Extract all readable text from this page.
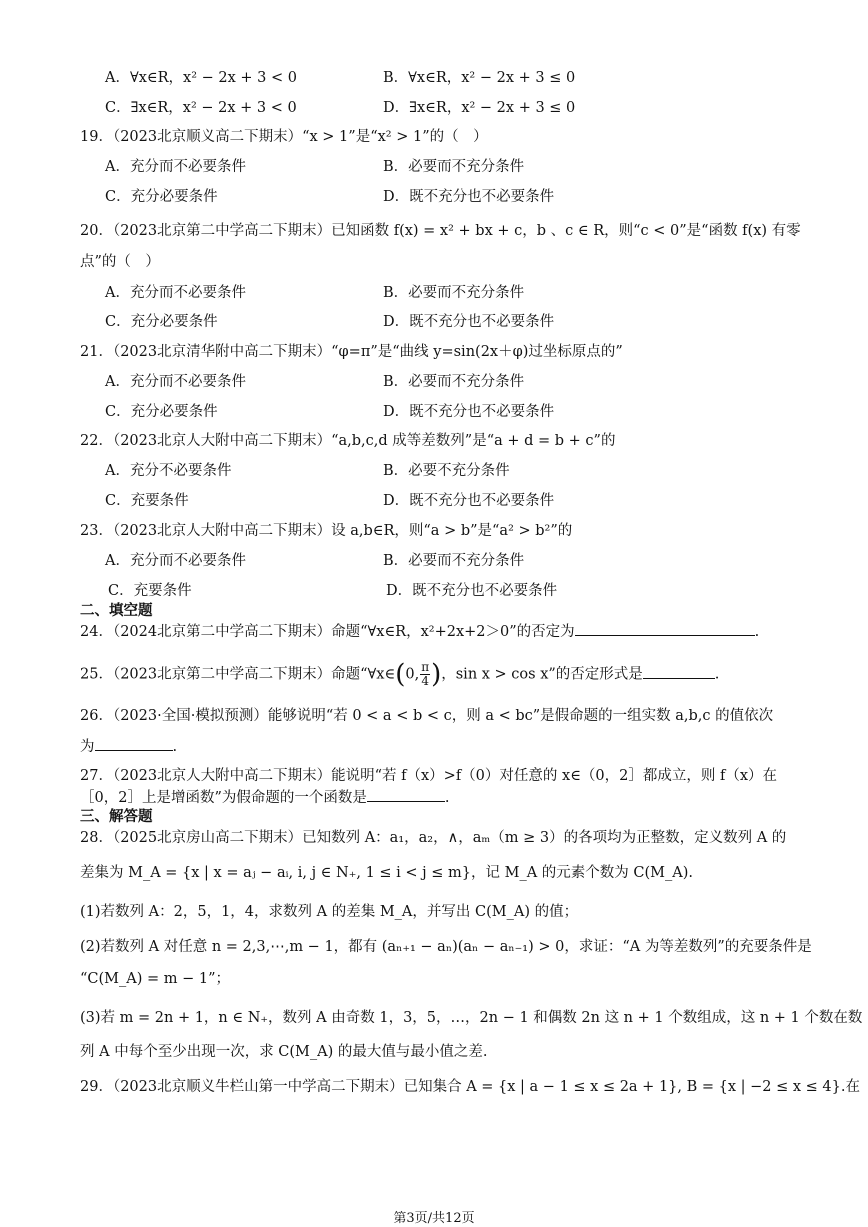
A．∀x∈R，x² − 2x + 3 < 0	B．∀x∈R，x² − 2x + 3 ≤ 0
C．∃x∈R，x² − 2x + 3 < 0	D．∃x∈R，x² − 2x + 3 ≤ 0
19．（2023北京顺义高二下期末）“x > 1”是“x² > 1”的（　）
A．充分而不必要条件	B．必要而不充分条件
C．充分必要条件	D．既不充分也不必要条件
20．（2023北京第二中学高二下期末）已知函数 f(x) = x² + bx + c，b 、c ∈ R，则“c < 0”是“函数 f(x) 有零
点”的（　）
A．充分而不必要条件	B．必要而不充分条件
C．充分必要条件	D．既不充分也不必要条件
21．（2023北京清华附中高二下期末）“φ=π”是“曲线 y=sin(2x＋φ)过坐标原点的”
A．充分而不必要条件	B．必要而不充分条件
C．充分必要条件	D．既不充分也不必要条件
22．（2023北京人大附中高二下期末）“a,b,c,d 成等差数列”是“a + d = b + c”的
A．充分不必要条件	B．必要不充分条件
C．充要条件	D．既不充分也不必要条件
23．（2023北京人大附中高二下期末）设 a,b∈R，则“a > b”是“a² > b²”的
A．充分而不必要条件	B．必要而不充分条件
C．充要条件	D．既不充分也不必要条件
二、填空题
24．（2024北京第二中学高二下期末）命题“∀x∈R，x²+2x+2＞0”的否定为	.
25．（2023北京第二中学高二下期末）命题“∀x∈(0, $\frac{\pi}{4}$ )，sin x > cos x”的否定形式是	.
26．（2023·全国·模拟预测）能够说明“若 0 < a < b < c，则 a < bc”是假命题的一组实数 a,b,c 的值依次
为	.
27．（2023北京人大附中高二下期末）能说明“若 f（x）>f（0）对任意的 x∈（0，2］都成立，则 f（x）在
［0，2］上是增函数”为假命题的一个函数是	.
三、解答题
28．（2025北京房山高二下期末）已知数列 A：a₁，a₂，∧，aₘ（m ≥ 3）的各项均为正整数，定义数列 A 的
差集为 M_A = {x | x = aⱼ − aᵢ, i, j ∈ N₊, 1 ≤ i < j ≤ m}，记 M_A 的元素个数为 C(M_A).
(1)若数列 A：2，5，1，4，求数列 A 的差集 M_A，并写出 C(M_A) 的值；
(2)若数列 A 对任意 n = 2,3,⋯,m − 1，都有 (aₙ₊₁ − aₙ)(aₙ − aₙ₋₁) > 0，求证：“A 为等差数列”的充要条件是
“C(M_A) = m − 1”；
(3)若 m = 2n + 1，n ∈ N₊，数列 A 由奇数 1，3，5，…，2n − 1 和偶数 2n 这 n + 1 个数组成，这 n + 1 个数在数
列 A 中每个至少出现一次，求 C(M_A) 的最大值与最小值之差.
29．（2023北京顺义牛栏山第一中学高二下期末）已知集合 A = {x | a − 1 ≤ x ≤ 2a + 1}, B = {x | −2 ≤ x ≤ 4}.在
第3页/共12页
